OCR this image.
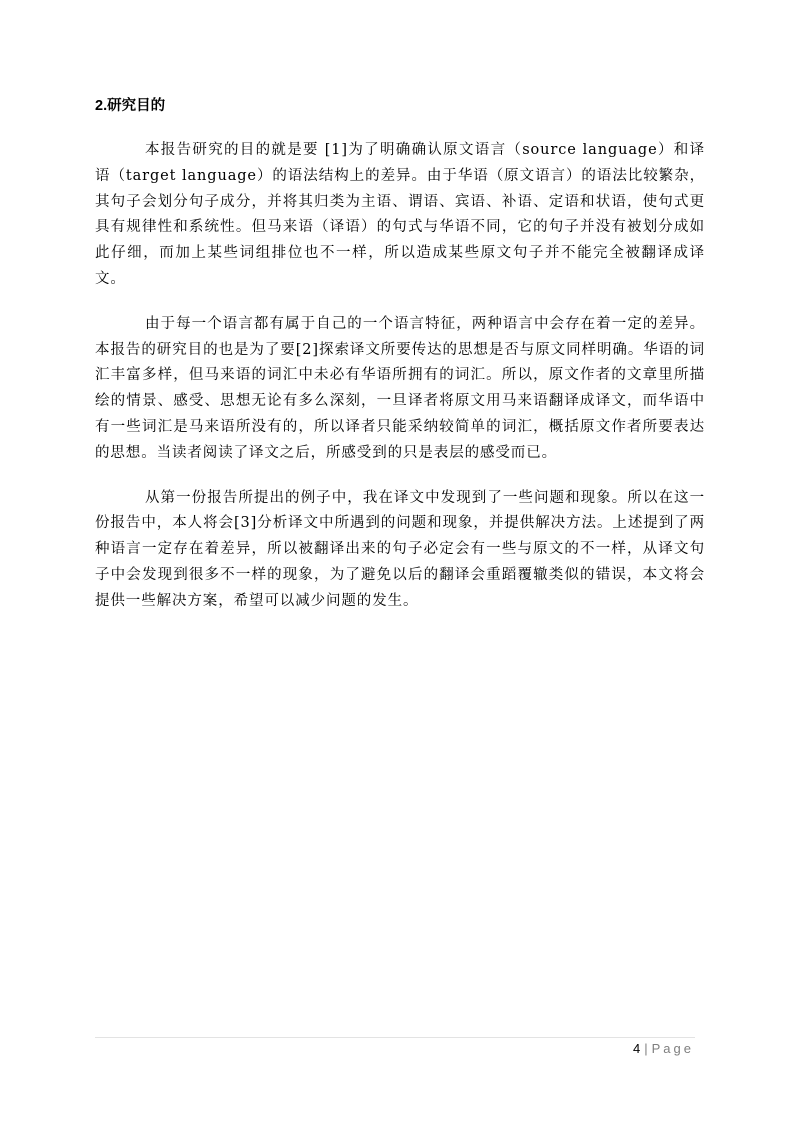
2.研究目的

本报告研究的目的就是要 [1]为了明确确认原文语言（source language）和译语（target language）的语法结构上的差异。由于华语（原文语言）的语法比较繁杂，其句子会划分句子成分，并将其归类为主语、谓语、宾语、补语、定语和状语，使句式更具有规律性和系统性。但马来语（译语）的句式与华语不同，它的句子并没有被划分成如此仔细，而加上某些词组排位也不一样，所以造成某些原文句子并不能完全被翻译成译文。

由于每一个语言都有属于自己的一个语言特征，两种语言中会存在着一定的差异。本报告的研究目的也是为了要[2]探索译文所要传达的思想是否与原文同样明确。华语的词汇丰富多样，但马来语的词汇中未必有华语所拥有的词汇。所以，原文作者的文章里所描绘的情景、感受、思想无论有多么深刻，一旦译者将原文用马来语翻译成译文，而华语中有一些词汇是马来语所没有的，所以译者只能采纳较简单的词汇，概括原文作者所要表达的思想。当读者阅读了译文之后，所感受到的只是表层的感受而已。

从第一份报告所提出的例子中，我在译文中发现到了一些问题和现象。所以在这一份报告中，本人将会[3]分析译文中所遇到的问题和现象，并提供解决方法。上述提到了两种语言一定存在着差异，所以被翻译出来的句子必定会有一些与原文的不一样，从译文句子中会发现到很多不一样的现象，为了避免以后的翻译会重蹈覆辙类似的错误，本文将会提供一些解决方案，希望可以减少问题的发生。

4 | Page
